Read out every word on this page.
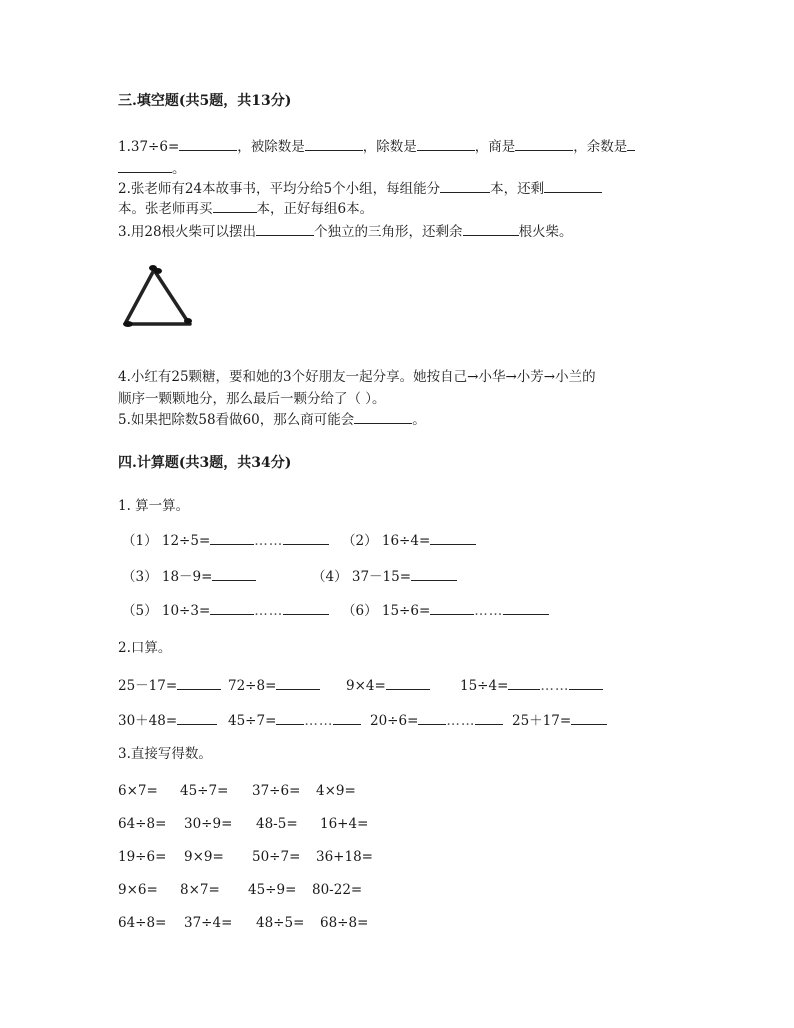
三.填空题(共5题，共13分)
1.37÷6=	，被除数是	，除数是	，商是	，余数是
。
2.张老师有24本故事书，平均分给5个小组，每组能分	本，还剩
本。张老师再买	本，正好每组6本。
3.用28根火柴可以摆出	个独立的三角形，还剩余	根火柴。
4.小红有25颗糖，要和她的3个好朋友一起分享。她按自己→小华→小芳→小兰的
顺序一颗颗地分，那么最后一颗分给了（ ）。
5.如果把除数58看做60，那么商可能会	。
四.计算题(共3题，共34分)
1. 算一算。
（1） 12÷5=	……	（2） 16÷4=
（3） 18－9=	（4） 37－15=
（5） 10÷3=	……	（6） 15÷6=	……
2.口算。
25－17=	72÷8=	9×4=	15÷4= ……
30＋48=	45÷7= ……	20÷6= ……	25＋17=
3.直接写得数。
6×7= 45÷7= 37÷6= 4×9=
64÷8= 30÷9= 48-5= 16+4=
19÷6= 9×9= 50÷7= 36+18=
9×6= 8×7= 45÷9= 80-22=
64÷8= 37÷4= 48÷5= 68÷8=
